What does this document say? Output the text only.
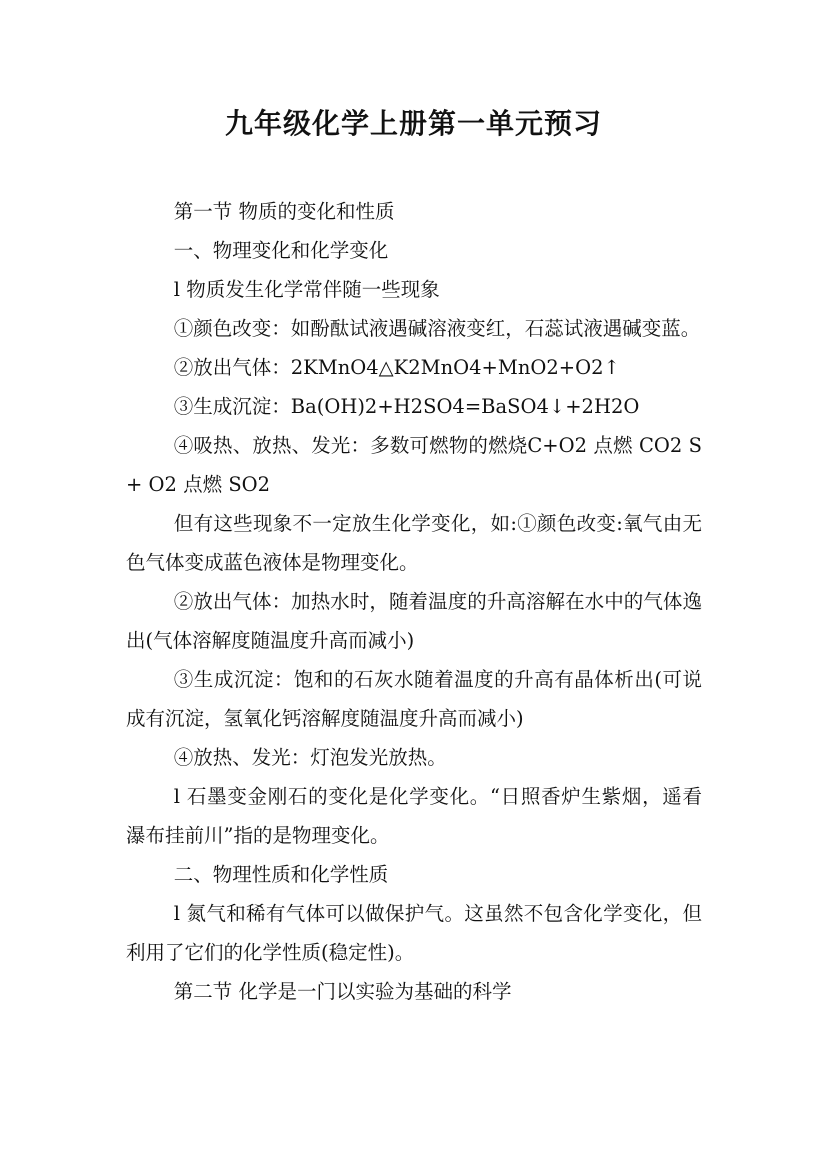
九年级化学上册第一单元预习

第一节 物质的变化和性质

一、物理变化和化学变化

l 物质发生化学常伴随一些现象

①颜色改变：如酚酞试液遇碱溶液变红，石蕊试液遇碱变蓝。

②放出气体：2KMnO4△K2MnO4+MnO2+O2↑

③生成沉淀：Ba(OH)2+H2SO4=BaSO4↓+2H2O

④吸热、放热、发光：多数可燃物的燃烧C+O2 点燃 CO2 S+ O2 点燃 SO2

但有这些现象不一定放生化学变化，如:①颜色改变:氧气由无色气体变成蓝色液体是物理变化。

②放出气体：加热水时，随着温度的升高溶解在水中的气体逸出(气体溶解度随温度升高而减小)

③生成沉淀：饱和的石灰水随着温度的升高有晶体析出(可说成有沉淀，氢氧化钙溶解度随温度升高而减小)

④放热、发光：灯泡发光放热。

l 石墨变金刚石的变化是化学变化。“日照香炉生紫烟，遥看瀑布挂前川”指的是物理变化。

二、物理性质和化学性质

l 氮气和稀有气体可以做保护气。这虽然不包含化学变化，但利用了它们的化学性质(稳定性)。

第二节 化学是一门以实验为基础的科学
